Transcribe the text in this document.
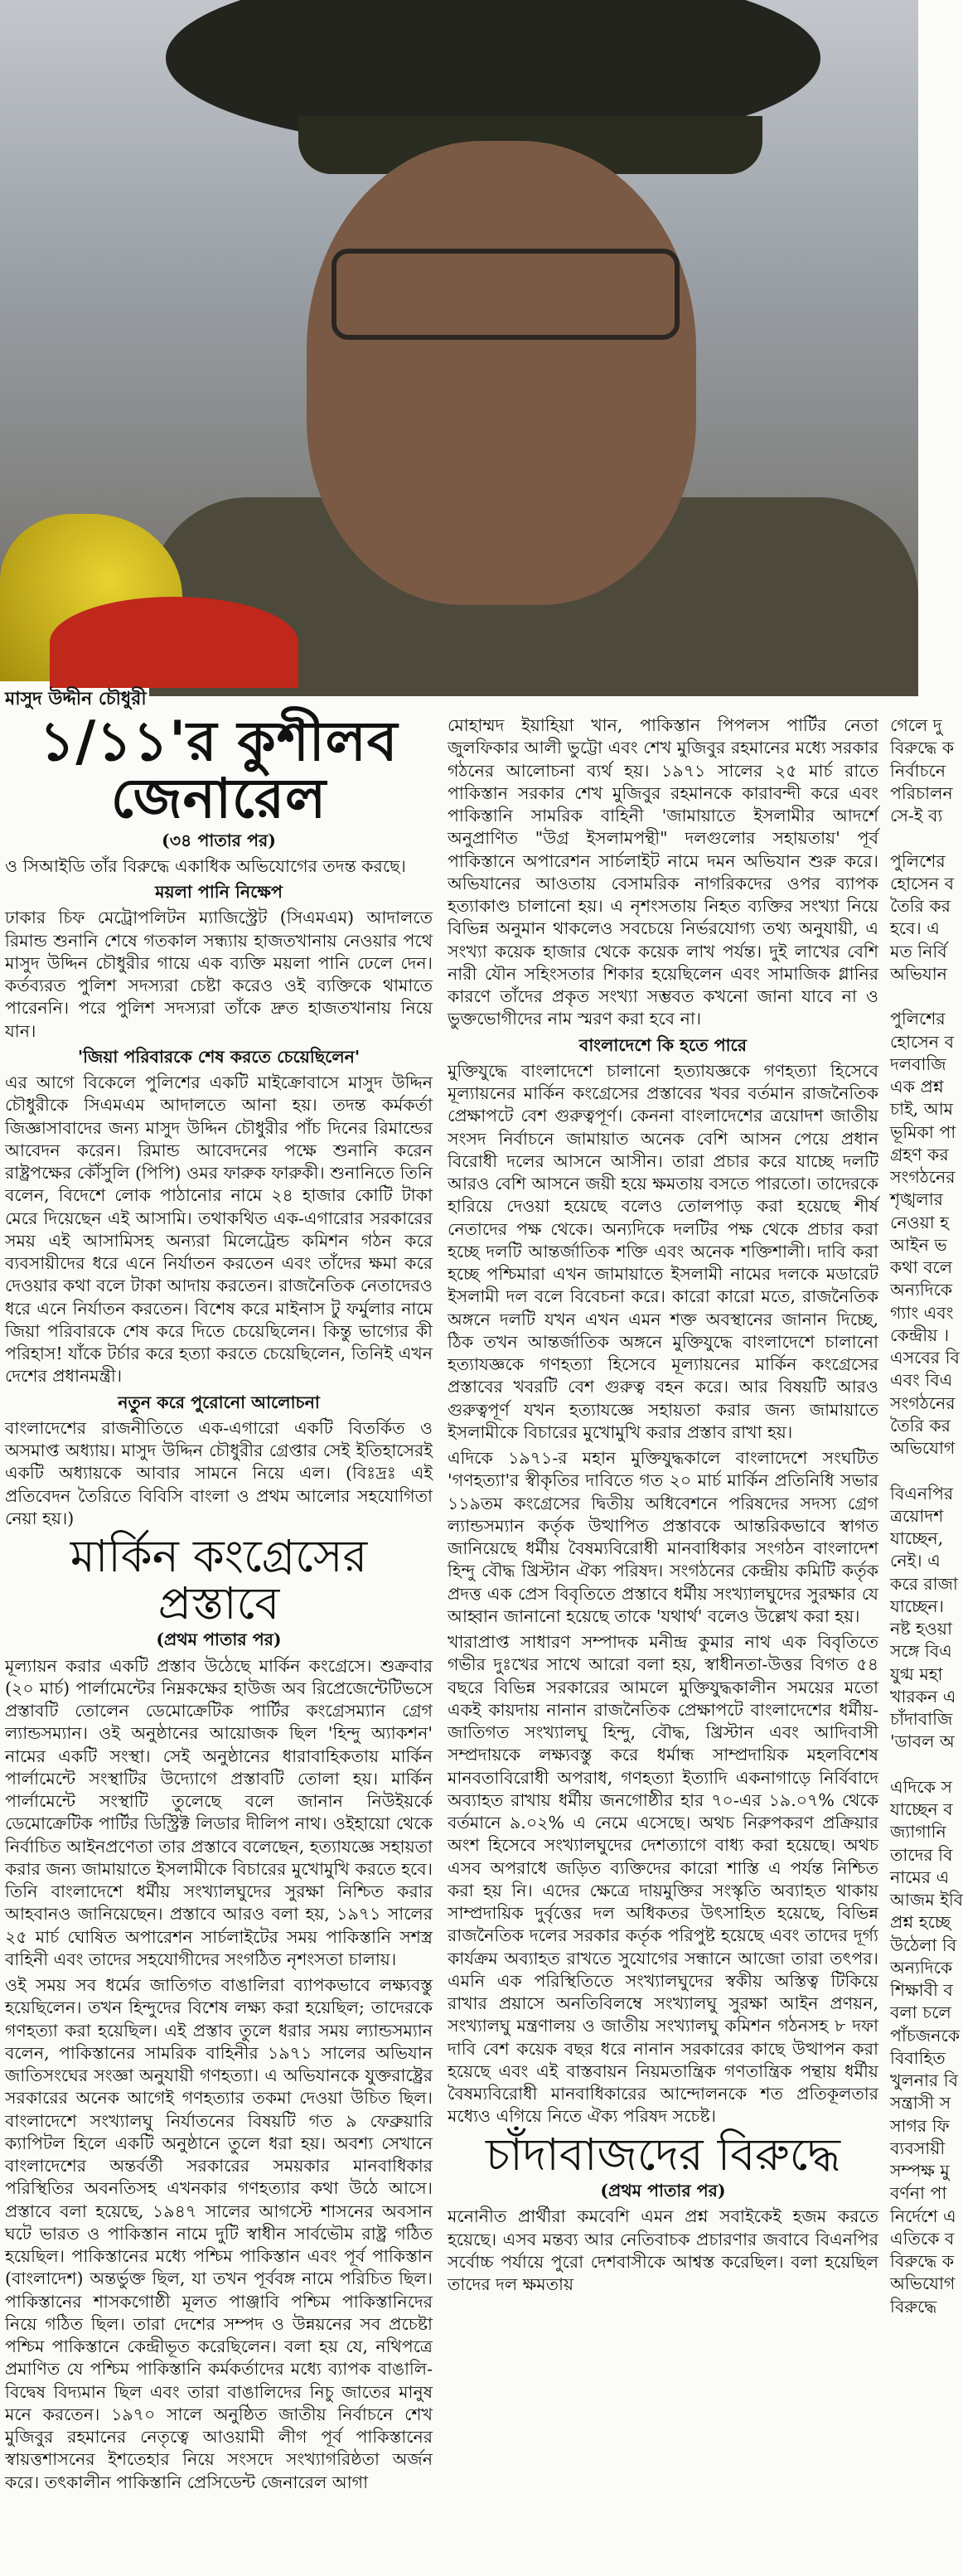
মাসুদ উদ্দীন চৌধুরী
১/১১'র কুশীলব জেনারেল
(৩৪ পাতার পর)

ও সিআইডি তাঁর বিরুদ্ধে একাধিক অভিযোগের তদন্ত করছে।

ময়লা পানি নিক্ষেপ

ঢাকার চিফ মেট্রোপলিটন ম্যাজিস্ট্রেট (সিএমএম) আদালতে রিমান্ড শুনানি শেষে গতকাল সন্ধ্যায় হাজতখানায় নেওয়ার পথে মাসুদ উদ্দিন চৌধুরীর গায়ে এক ব্যক্তি ময়লা পানি ঢেলে দেন। কর্তব্যরত পুলিশ সদস্যরা চেষ্টা করেও ওই ব্যক্তিকে থামাতে পারেননি। পরে পুলিশ সদস্যরা তাঁকে দ্রুত হাজতখানায় নিয়ে যান।

'জিয়া পরিবারকে শেষ করতে চেয়েছিলেন'

এর আগে বিকেলে পুলিশের একটি মাইক্রোবাসে মাসুদ উদ্দিন চৌধুরীকে সিএমএম আদালতে আনা হয়। তদন্ত কর্মকর্তা জিজ্ঞাসাবাদের জন্য মাসুদ উদ্দিন চৌধুরীর পাঁচ দিনের রিমান্ডের আবেদন করেন। রিমান্ড আবেদনের পক্ষে শুনানি করেন রাষ্ট্রপক্ষের কৌঁসুলি (পিপি) ওমর ফারুক ফারুকী। শুনানিতে তিনি বলেন, বিদেশে লোক পাঠানোর নামে ২৪ হাজার কোটি টাকা মেরে দিয়েছেন এই আসামি। তথাকথিত এক-এগারোর সরকারের সময় এই আসামিসহ অন্যরা মিলেট্রেন্ড কমিশন গঠন করে ব্যবসায়ীদের ধরে এনে নির্যাতন করতেন এবং তাঁদের ক্ষমা করে দেওয়ার কথা বলে টাকা আদায় করতেন। রাজনৈতিক নেতাদেরও ধরে এনে নির্যাতন করতেন। বিশেষ করে মাইনাস টু ফর্মুলার নামে জিয়া পরিবারকে শেষ করে দিতে চেয়েছিলেন। কিন্তু ভাগ্যের কী পরিহাস! যাঁকে টর্চার করে হত্যা করতে চেয়েছিলেন, তিনিই এখন দেশের প্রধানমন্ত্রী।

নতুন করে পুরোনো আলোচনা

বাংলাদেশের রাজনীতিতে এক-এগারো একটি বিতর্কিত ও অসমাপ্ত অধ্যায়। মাসুদ উদ্দিন চৌধুরীর গ্রেপ্তার সেই ইতিহাসেরই একটি অধ্যায়কে আবার সামনে নিয়ে এল। (বিঃদ্রঃ এই প্রতিবেদন তৈরিতে বিবিসি বাংলা ও প্রথম আলোর সহযোগিতা নেয়া হয়।)

মার্কিন কংগ্রেসের প্রস্তাবে
(প্রথম পাতার পর)

মূল্যায়ন করার একটি প্রস্তাব উঠেছে মার্কিন কংগ্রেসে। শুক্রবার (২০ মার্চ) পার্লামেন্টের নিম্নকক্ষের হাউজ অব রিপ্রেজেন্টেটিভসে প্রস্তাবটি তোলেন ডেমোক্রেটিক পার্টির কংগ্রেসম্যান গ্রেগ ল্যান্ডসম্যান। ওই অনুষ্ঠানের আয়োজক ছিল 'হিন্দু অ্যাকশন' নামের একটি সংস্থা। সেই অনুষ্ঠানের ধারাবাহিকতায় মার্কিন পার্লামেন্টে সংস্থাটির উদ্যোগে প্রস্তাবটি তোলা হয়। মার্কিন পার্লামেন্টে সংস্থাটি তুলেছে বলে জানান নিউইয়র্কে ডেমোক্রেটিক পার্টির ডিস্ট্রিক্ট লিডার দীলিপ নাথ। ওইহায়ো থেকে নির্বাচিত আইনপ্রণেতা তার প্রস্তাবে বলেছেন, হত্যাযজ্ঞে সহায়তা করার জন্য জামায়াতে ইসলামীকে বিচারের মুখোমুখি করতে হবে। তিনি বাংলাদেশে ধর্মীয় সংখ্যালঘুদের সুরক্ষা নিশ্চিত করার আহবানও জানিয়েছেন। প্রস্তাবে আরও বলা হয়, ১৯৭১ সালের ২৫ মার্চ ঘোষিত অপারেশন সার্চলাইটের সময় পাকিস্তানি সশস্ত্র বাহিনী এবং তাদের সহযোগীদের সংগঠিত নৃশংসতা চালায়।

ওই সময় সব ধর্মের জাতিগত বাঙালিরা ব্যাপকভাবে লক্ষ্যবস্তু হয়েছিলেন। তখন হিন্দুদের বিশেষ লক্ষ্য করা হয়েছিল; তাদেরকে গণহত্যা করা হয়েছিল। এই প্রস্তাব তুলে ধরার সময় ল্যান্ডসম্যান বলেন, পাকিস্তানের সামরিক বাহিনীর ১৯৭১ সালের অভিযান জাতিসংঘের সংজ্ঞা অনুযায়ী গণহত্যা। এ অভিযানকে যুক্তরাষ্ট্রের সরকারের অনেক আগেই গণহত্যার তকমা দেওয়া উচিত ছিল। বাংলাদেশে সংখ্যালঘু নির্যাতনের বিষয়টি গত ৯ ফেব্রুয়ারি ক্যাপিটল হিলে একটি অনুষ্ঠানে তুলে ধরা হয়। অবশ্য সেখানে বাংলাদেশের অন্তর্বর্তী সরকারের সময়কার মানবাধিকার পরিস্থিতির অবনতিসহ এখনকার গণহত্যার কথা উঠে আসে। প্রস্তাবে বলা হয়েছে, ১৯৪৭ সালের আগস্টে শাসনের অবসান ঘটে ভারত ও পাকিস্তান নামে দুটি স্বাধীন সার্বভৌম রাষ্ট্র গঠিত হয়েছিল। পাকিস্তানের মধ্যে পশ্চিম পাকিস্তান এবং পূর্ব পাকিস্তান (বাংলাদেশ) অন্তর্ভুক্ত ছিল, যা তখন পূর্ববঙ্গ নামে পরিচিত ছিল। পাকিস্তানের শাসকগোষ্ঠী মূলত পাঞ্জাবি পশ্চিম পাকিস্তানিদের নিয়ে গঠিত ছিল। তারা দেশের সম্পদ ও উন্নয়নের সব প্রচেষ্টা পশ্চিম পাকিস্তানে কেন্দ্রীভূত করেছিলেন। বলা হয় যে, নথিপত্রে প্রমাণিত যে পশ্চিম পাকিস্তানি কর্মকর্তাদের মধ্যে ব্যাপক বাঙালি-বিদ্বেষ বিদ্যমান ছিল এবং তারা বাঙালিদের নিচু জাতের মানুষ মনে করতেন। ১৯৭০ সালে অনুষ্ঠিত জাতীয় নির্বাচনে শেখ মুজিবুর রহমানের নেতৃত্বে আওয়ামী লীগ পূর্ব পাকিস্তানের স্বায়ত্তশাসনের ইশতেহার নিয়ে সংসদে সংখ্যাগরিষ্ঠতা অর্জন করে। তৎকালীন পাকিস্তানি প্রেসিডেন্ট জেনারেল আগা

মোহাম্মদ ইয়াহিয়া খান, পাকিস্তান পিপলস পার্টির নেতা জুলফিকার আলী ভুট্টো এবং শেখ মুজিবুর রহমানের মধ্যে সরকার গঠনের আলোচনা ব্যর্থ হয়। ১৯৭১ সালের ২৫ মার্চ রাতে পাকিস্তান সরকার শেখ মুজিবুর রহমানকে কারাবন্দী করে এবং পাকিস্তানি সামরিক বাহিনী 'জামায়াতে ইসলামীর আদর্শে অনুপ্রাণিত "উগ্র ইসলামপন্থী" দলগুলোর সহায়তায়' পূর্ব পাকিস্তানে অপারেশন সার্চলাইট নামে দমন অভিযান শুরু করে। অভিযানের আওতায় বেসামরিক নাগরিকদের ওপর ব্যাপক হত্যাকাণ্ড চালানো হয়। এ নৃশংসতায় নিহত ব্যক্তির সংখ্যা নিয়ে বিভিন্ন অনুমান থাকলেও সবচেয়ে নির্ভরযোগ্য তথ্য অনুযায়ী, এ সংখ্যা কয়েক হাজার থেকে কয়েক লাখ পর্যন্ত। দুই লাখের বেশি নারী যৌন সহিংসতার শিকার হয়েছিলেন এবং সামাজিক গ্লানির কারণে তাঁদের প্রকৃত সংখ্যা সম্ভবত কখনো জানা যাবে না ও ভুক্তভোগীদের নাম স্মরণ করা হবে না।

বাংলাদেশে কি হতে পারে

মুক্তিযুদ্ধে বাংলাদেশে চালানো হত্যাযজ্ঞকে গণহত্যা হিসেবে মূল্যায়নের মার্কিন কংগ্রেসের প্রস্তাবের খবর বর্তমান রাজনৈতিক প্রেক্ষাপটে বেশ গুরুত্বপূর্ণ। কেননা বাংলাদেশের ত্রয়োদশ জাতীয় সংসদ নির্বাচনে জামায়াত অনেক বেশি আসন পেয়ে প্রধান বিরোধী দলের আসনে আসীন। তারা প্রচার করে যাচ্ছে দলটি আরও বেশি আসনে জয়ী হয়ে ক্ষমতায় বসতে পারতো। তাদেরকে হারিয়ে দেওয়া হয়েছে বলেও তোলপাড় করা হয়েছে শীর্ষ নেতাদের পক্ষ থেকে। অন্যদিকে দলটির পক্ষ থেকে প্রচার করা হচ্ছে দলটি আন্তর্জাতিক শক্তি এবং অনেক শক্তিশালী। দাবি করা হচ্ছে পশ্চিমারা এখন জামায়াতে ইসলামী নামের দলকে মডারেট ইসলামী দল বলে বিবেচনা করে। কারো কারো মতে, রাজনৈতিক অঙ্গনে দলটি যখন এখন এমন শক্ত অবস্থানের জানান দিচ্ছে, ঠিক তখন আন্তর্জাতিক অঙ্গনে মুক্তিযুদ্ধে বাংলাদেশে চালানো হত্যাযজ্ঞকে গণহত্যা হিসেবে মূল্যায়নের মার্কিন কংগ্রেসের প্রস্তাবের খবরটি বেশ গুরুত্ব বহন করে। আর বিষয়টি আরও গুরুত্বপূর্ণ যখন হত্যাযজ্ঞে সহায়তা করার জন্য জামায়াতে ইসলামীকে বিচারের মুখোমুখি করার প্রস্তাব রাখা হয়।

এদিকে ১৯৭১-র মহান মুক্তিযুদ্ধকালে বাংলাদেশে সংঘটিত 'গণহত্যা'র স্বীকৃতির দাবিতে গত ২০ মার্চ মার্কিন প্রতিনিধি সভার ১১৯তম কংগ্রেসের দ্বিতীয় অধিবেশনে পরিষদের সদস্য গ্রেগ ল্যান্ডসম্যান কর্তৃক উত্থাপিত প্রস্তাবকে আন্তরিকভাবে স্বাগত জানিয়েছে ধর্মীয় বৈষম্যবিরোধী মানবাধিকার সংগঠন বাংলাদেশ হিন্দু বৌদ্ধ খ্রিস্টান ঐক্য পরিষদ। সংগঠনের কেন্দ্রীয় কমিটি কর্তৃক প্রদত্ত এক প্রেস বিবৃতিতে প্রস্তাবে ধর্মীয় সংখ্যালঘুদের সুরক্ষার যে আহ্বান জানানো হয়েছে তাকে 'যথার্থ' বলেও উল্লেখ করা হয়।

খারাপ্রাপ্ত সাধারণ সম্পাদক মনীন্দ্র কুমার নাথ এক বিবৃতিতে গভীর দুঃখের সাথে আরো বলা হয়, স্বাধীনতা-উত্তর বিগত ৫৪ বছরে বিভিন্ন সরকারের আমলে মুক্তিযুদ্ধকালীন সময়ের মতো একই কায়দায় নানান রাজনৈতিক প্রেক্ষাপটে বাংলাদেশের ধর্মীয়-জাতিগত সংখ্যালঘু হিন্দু, বৌদ্ধ, খ্রিস্টান এবং আদিবাসী সম্প্রদায়কে লক্ষ্যবস্তু করে ধর্মান্ধ সাম্প্রদায়িক মহলবিশেষ মানবতাবিরোধী অপরাধ, গণহত্যা ইত্যাদি একনাগাড়ে নির্বিবাদে অব্যাহত রাখায় ধর্মীয় জনগোষ্ঠীর হার ৭০-এর ১৯.০৭% থেকে বর্তমানে ৯.০২% এ নেমে এসেছে। অথচ নিরুপকরণ প্রক্রিয়ার অংশ হিসেবে সংখ্যালঘুদের দেশত্যাগে বাধ্য করা হয়েছে। অথচ এসব অপরাধে জড়িত ব্যক্তিদের কারো শাস্তি এ পর্যন্ত নিশ্চিত করা হয় নি। এদের ক্ষেত্রে দায়মুক্তির সংস্কৃতি অব্যাহত থাকায় সাম্প্রদায়িক দুর্বৃত্তের দল অধিকতর উৎসাহিত হয়েছে, বিভিন্ন রাজনৈতিক দলের সরকার কর্তৃক পরিপুষ্ট হয়েছে এবং তাদের দূর্গ্য কার্যক্রম অব্যাহত রাখতে সুযোগের সন্ধানে আজো তারা তৎপর। এমনি এক পরিস্থিতিতে সংখ্যালঘুদের স্বকীয় অস্তিত্ব টিকিয়ে রাখার প্রয়াসে অনতিবিলম্বে সংখ্যালঘু সুরক্ষা আইন প্রণয়ন, সংখ্যালঘু মন্ত্রণালয় ও জাতীয় সংখ্যালঘু কমিশন গঠনসহ ৮ দফা দাবি বেশ কয়েক বছর ধরে নানান সরকারের কাছে উত্থাপন করা হয়েছে এবং এই বাস্তবায়ন নিয়মতান্ত্রিক গণতান্ত্রিক পন্থায় ধর্মীয় বৈষম্যবিরোধী মানবাধিকারের আন্দোলনকে শত প্রতিকূলতার মধ্যেও এগিয়ে নিতে ঐক্য পরিষদ সচেষ্ট।

চাঁদাবাজদের বিরুদ্ধে
(প্রথম পাতার পর)

মনোনীত প্রার্থীরা কমবেশি এমন প্রশ্ন সবাইকেই হজম করতে হয়েছে। এসব মন্তব্য আর নেতিবাচক প্রচারণার জবাবে বিএনপির সর্বোচ্চ পর্যায়ে পুরো দেশবাসীকে আশ্বস্ত করেছিল। বলা হয়েছিল তাদের দল ক্ষমতায়

গেলে দু

বিরুদ্ধে ক

নির্বাচনে

পরিচালন

সে-ই ব্য

পুলিশের

হোসেন ব

তৈরি কর

হবে। এ

মত নির্বি

অভিযান

পুলিশের

হোসেন ব

দলবাজি

এক প্রশ্ন

চাই, আম

ভূমিকা পা

গ্রহণ কর

সংগঠনের

শৃঙ্খলার

নেওয়া হ

আইন ভ

কথা বলে

অন্যদিকে

গ্যাং এবং

কেন্দ্রীয় ।

এসবের বি

এবং বিএ

সংগঠনের

তৈরি কর

অভিযোগ

বিএনপির

ত্রয়োদশ

যাচ্ছেন,

নেই। এ

করে রাজা

যাচ্ছেন।

নষ্ট হওয়া

সঙ্গে বিএ

যুগ্ম মহা

খারকন এ

চাঁদাবাজি

'ডাবল অ

এদিকে স

যাচ্ছেন ব

জ্যাগানি

তাদের বি

নামের এ

আজম ইবি

প্রশ্ন হচ্ছে

উঠেলা বি

অন্যদিকে

শিক্ষাবী ব

বলা চলে

পাঁচজনকে

বিবাহিত

খুলনার বি

সন্ত্রাসী স

সাগর ফি

ব্যবসায়ী

সম্পক্ষ মু

বর্ণনা পা

নির্দেশে এ

এতিকে ব

বিরুদ্ধে ক

অভিযোগ

বিরুদ্ধে
